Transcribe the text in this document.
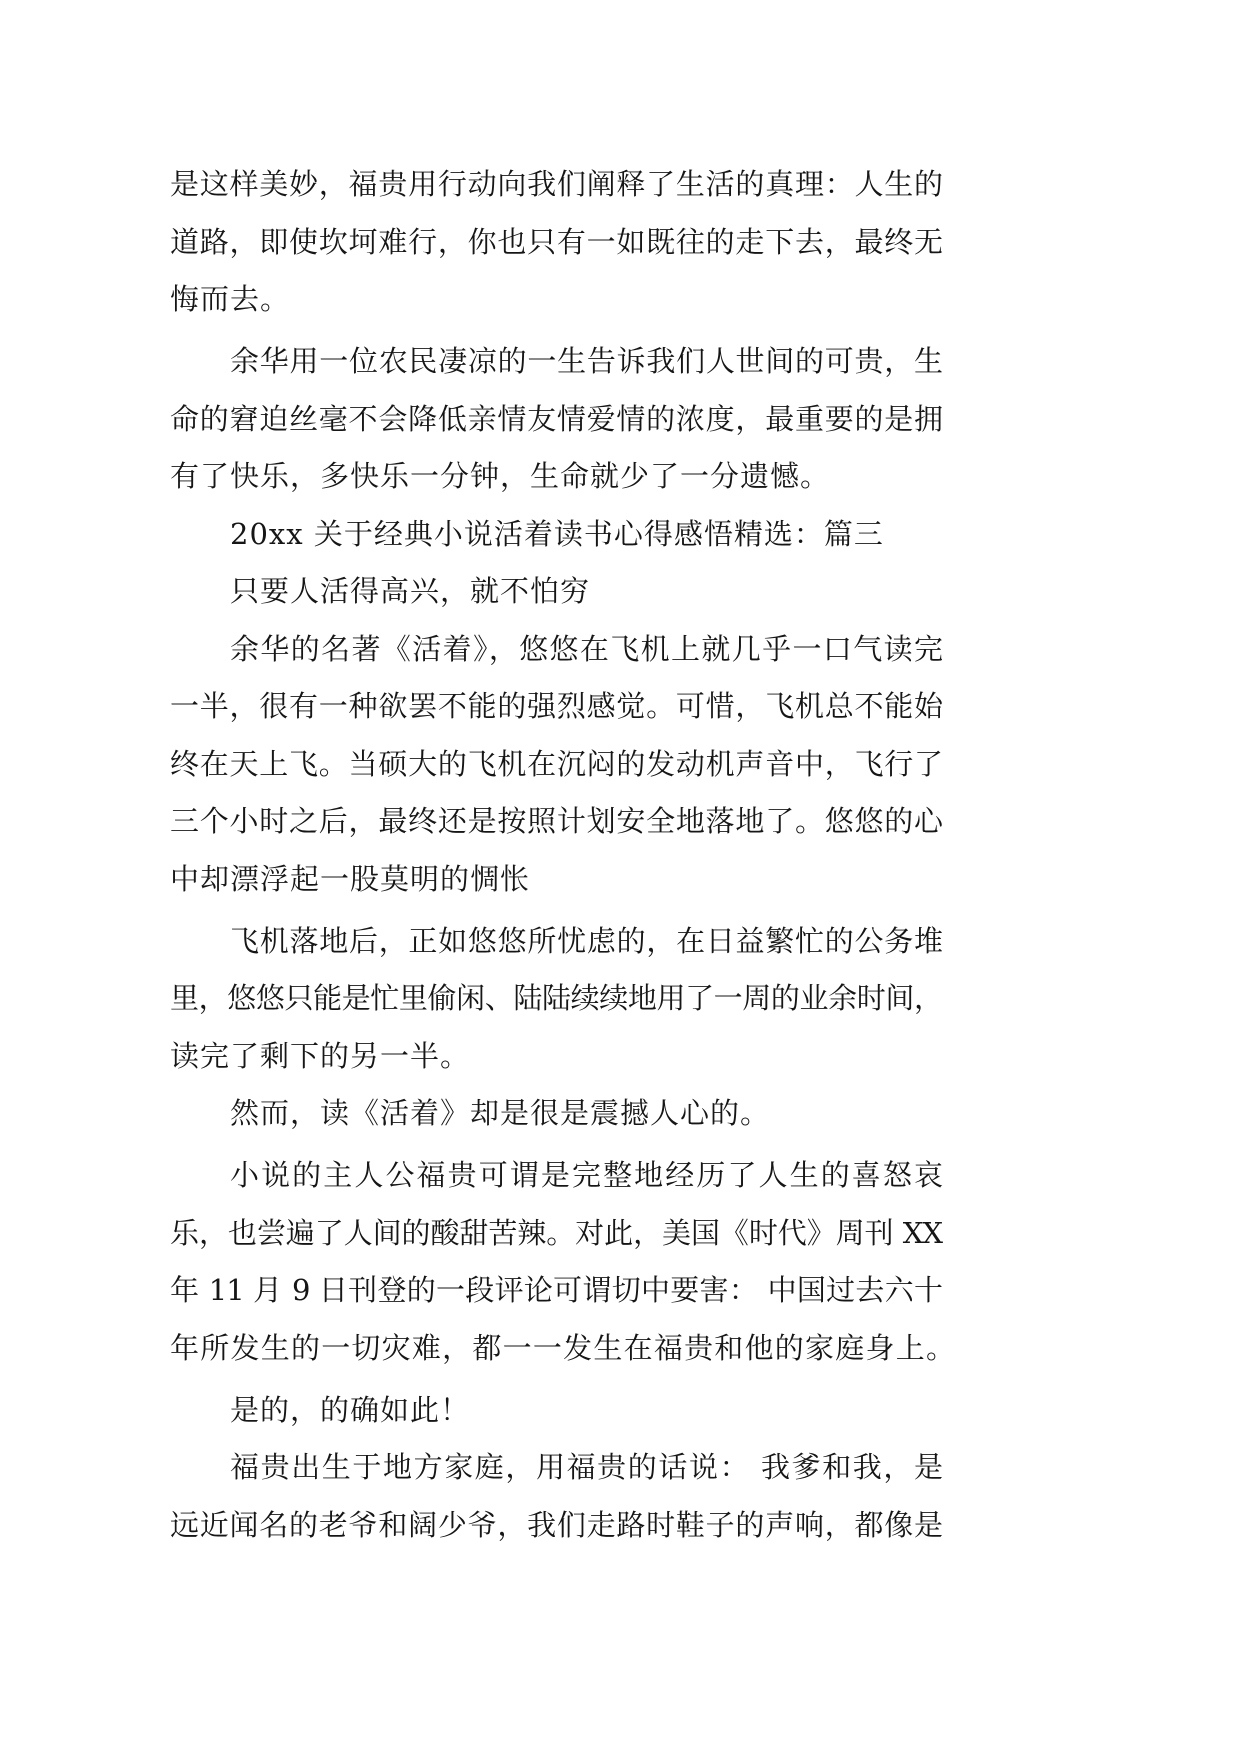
是这样美妙，福贵用行动向我们阐释了生活的真理：人生的
道路，即使坎坷难行，你也只有一如既往的走下去，最终无
悔而去。
余华用一位农民凄凉的一生告诉我们人世间的可贵，生
命的窘迫丝毫不会降低亲情友情爱情的浓度，最重要的是拥
有了快乐，多快乐一分钟，生命就少了一分遗憾。
20xx 关于经典小说活着读书心得感悟精选：篇三
只要人活得高兴，就不怕穷
余华的名著《活着》，悠悠在飞机上就几乎一口气读完
一半，很有一种欲罢不能的强烈感觉。可惜，飞机总不能始
终在天上飞。当硕大的飞机在沉闷的发动机声音中，飞行了
三个小时之后，最终还是按照计划安全地落地了。悠悠的心
中却漂浮起一股莫明的惆怅
飞机落地后，正如悠悠所忧虑的，在日益繁忙的公务堆
里，悠悠只能是忙里偷闲、陆陆续续地用了一周的业余时间，
读完了剩下的另一半。
然而，读《活着》却是很是震撼人心的。
小说的主人公福贵可谓是完整地经历了人生的喜怒哀
乐，也尝遍了人间的酸甜苦辣。对此，美国《时代》周刊 XX
年 11 月 9 日刊登的一段评论可谓切中要害： 中国过去六十
年所发生的一切灾难，都一一发生在福贵和他的家庭身上。
是的，的确如此！
福贵出生于地方家庭，用福贵的话说： 我爹和我，是
远近闻名的老爷和阔少爷，我们走路时鞋子的声响，都像是
